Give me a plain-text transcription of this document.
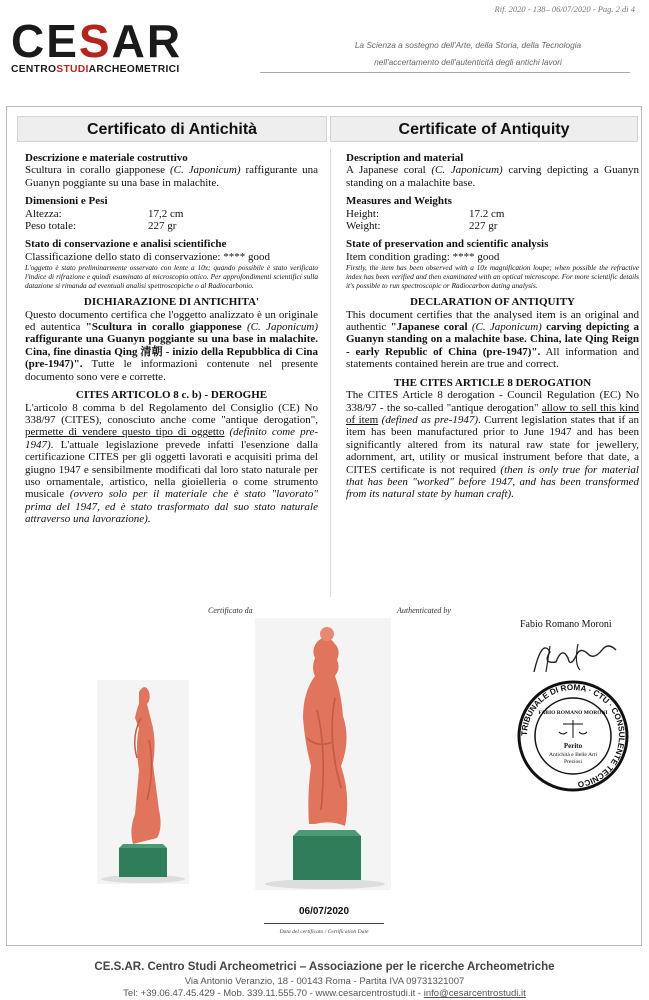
Rif. 2020 - 138– 06/07/2020 - Pag. 2 di 4
CESAR
CENTROSTUDIARCHEOMETRICI
La Scienza a sostegno dell'Arte, della Storia, della Tecnologia
nell'accertamento dell'autenticità degli antichi lavori
Certificato di Antichità	Certificate of Antiquity
Descrizione e materiale costruttivo
Scultura in corallo giapponese (C. Japonicum) raffigurante una Guanyn poggiante su una base in malachite.
Dimensioni e Pesi
Altezza:	17,2 cm
Peso totale:	227 gr
Stato di conservazione e analisi scientifiche
Classificazione dello stato di conservazione: **** good
L'oggetto è stato preliminarmente osservato con lente a 10x; quando possibile è stato verificato l'indice di rifrazione e quindi esaminato al microscopio ottico. Per approfondimenti scientifici sulla datazione si rimanda ad eventuali analisi spettroscopiche o al Radiocarbonio.
DICHIARAZIONE DI ANTICHITA'
Questo documento certifica che l'oggetto analizzato è un originale ed autentica "Scultura in corallo giapponese (C. Japonicum) raffigurante una Guanyn poggiante su una base in malachite. Cina, fine dinastia Qing 清朝 - inizio della Repubblica di Cina (pre-1947)". Tutte le informazioni contenute nel presente documento sono vere e corrette.
CITES ARTICOLO 8 c. b) - DEROGHE
L'articolo 8 comma b del Regolamento del Consiglio (CE) No 338/97 (CITES), conosciuto anche come "antique derogation", permette di vendere questo tipo di oggetto (definito come pre-1947). L'attuale legislazione prevede infatti l'esenzione dalla certificazione CITES per gli oggetti lavorati e acquisiti prima del giugno 1947 e sensibilmente modificati dal loro stato naturale per uso ornamentale, artistico, nella gioielleria o come strumento musicale (ovvero solo per il materiale che è stato "lavorato" prima del 1947, ed è stato trasformato dal suo stato naturale attraverso una lavorazione).
Description and material
A Japanese coral (C. Japonicum) carving depicting a Guanyn standing on a malachite base.
Measures and Weights
Height:	17.2 cm
Weight:	227 gr
State of preservation and scientific analysis
Item condition grading: **** good
Firstly, the item has been observed with a 10x magnification loupe; when possible the refractive index has been verified and then examinated with an optical microscope. For more scientific details it's possible to run spectroscopic or Radiocarbon dating analysis.
DECLARATION OF ANTIQUITY
This document certifies that the analysed item is an original and authentic "Japanese coral (C. Japonicum) carving depicting a Guanyn standing on a malachite base. China, late Qing Reign - early Republic of China (pre-1947)". All information and statements contained herein are true and correct.
THE CITES ARTICLE 8 DEROGATION
The CITES Article 8 derogation - Council Regulation (EC) No 338/97 - the so-called "antique derogation" allow to sell this kind of item (defined as pre-1947). Current legislation states that if an item has been manufactured prior to June 1947 and has been significantly altered from its natural raw state for jewellery, adornment, art, utility or musical instrument before that date, a CITES certificate is not required (then is only true for material that has been "worked" before 1947, and has been transformed from its natural state by human craft).
Certificato da	Authenticated by
Fabio Romano Moroni
TRIBUNALE DI ROMA · CTU · CONSULENTE TECNICO
FABIO ROMANO MORONI
Perito
Antichità e Belle Arti
Preziosi
06/07/2020
Data del certificato / Certification Date
CE.S.AR. Centro Studi Archeometrici – Associazione per le ricerche Archeometriche
Via Antonio Veranzio, 18 - 00143 Roma - Partita IVA 09731321007
Tel: +39.06.47.45.429 - Mob. 339.11.555.70 - www.cesarcentrostudi.it - info@cesarcentrostudi.it
